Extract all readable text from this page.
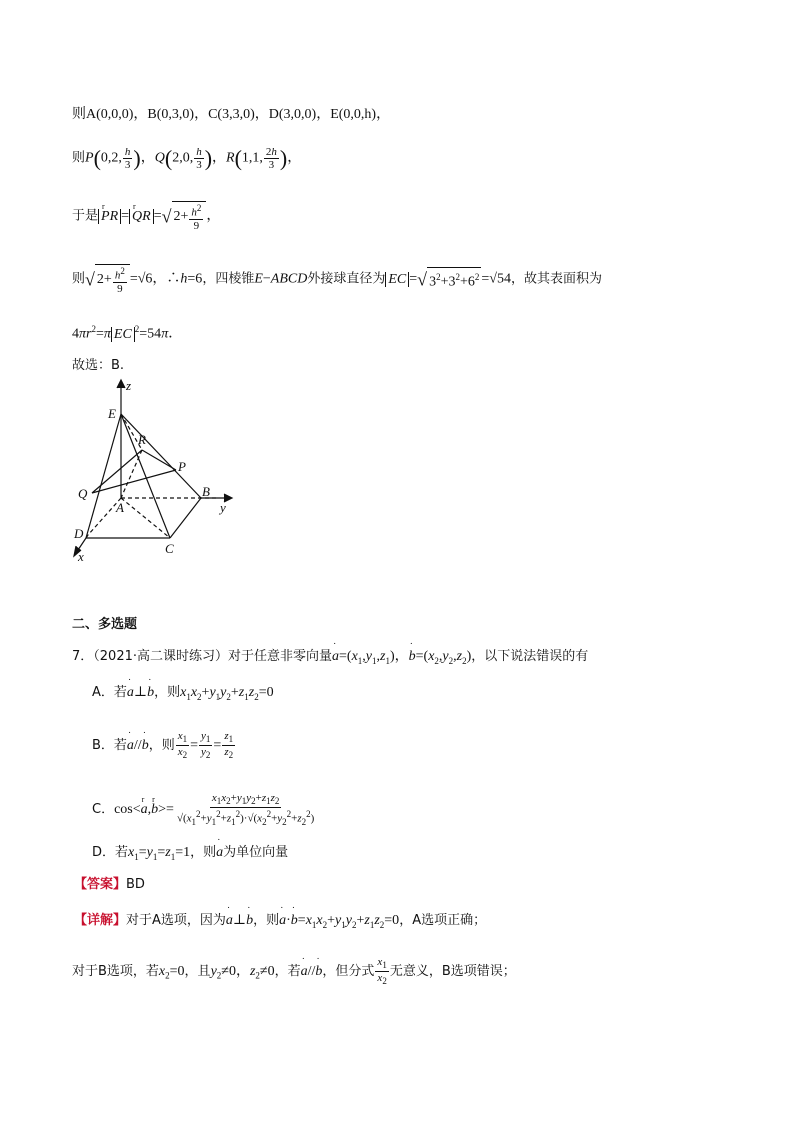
则A(0,0,0)，B(0,3,0)，C(3,3,0)，D(3,0,0)，E(0,0,h)，
则P(0,2, $\frac{h}{3}$ )，Q(2,0, $\frac{h}{3}$ )，R(1,1, $\frac{2h}{3}$ )，
于是 r PR = r QR =√ $2+ \frac{h^2}{9}$ ，
则√ $2+ \frac{h^2}{9} =√6$，∴h=6，四棱锥E−ABCD外接球直径为 EC =√ $3^2+3^2+6^2 =√54$，故其表面积为
$4\pi r^2=\pi$ EC $^2$=54π．
故选：B.
z
E
R
P
Q	B
y
A
D
C
x
二、多选题
7．（2021·高二课时练习）对于任意非零向量˙ $a=(x_1,y_1,z_1)$，˙ $b=(x_2,y_2,z_2)$，以下说法错误的有
A．若˙ a⊥˙ b，则$x_1x_2+y_1y_2+z_1z_2=0$
B．若˙ a//˙ b，则 $\frac{x_1}{x_2} = \frac{y_1}{y_2} = \frac{z_1}{z_2}$
C．cos<r a,r $b>= \frac{x_1x_2+y_1y_2+z_1z_2}{√(x_1^2+y_1^2+z_1^2)\cdot√(x_2^2+y_2^2+z_2^2)}$
D．若$x_1=y_1=z_1=1$，则˙ a为单位向量
【答案】BD
【详解】对于A选项，因为˙ a⊥˙ b，则˙ a·˙ $b=x_1x_2+y_1y_2+z_1z_2=0$，A选项正确；
对于B选项，若$x_2=0$，且$y_2\ne 0$，$z_2\ne 0$，若˙ a//˙ b，但分式 $\frac{x_1}{x_2}$ 无意义，B选项错误；
